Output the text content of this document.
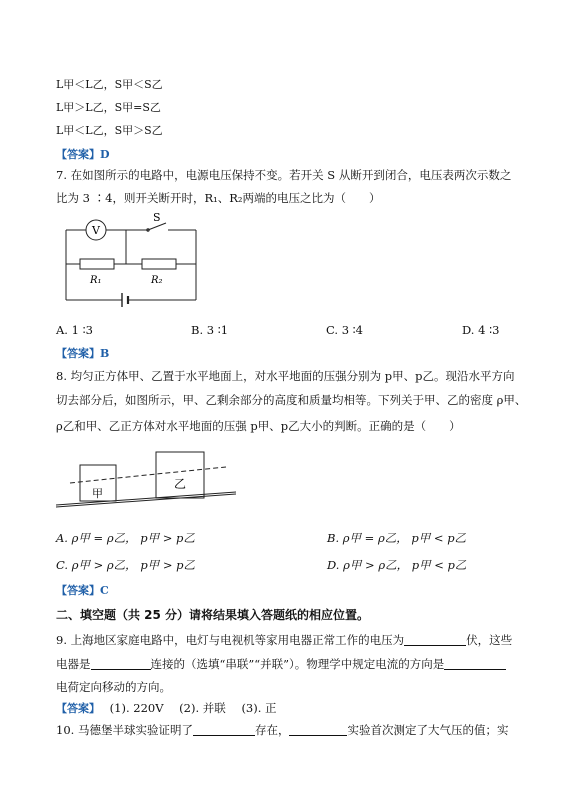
L甲＜L乙，S甲＜S乙
L甲＞L乙，S甲=S乙
L甲＜L乙，S甲＞S乙
【答案】D
7. 在如图所示的电路中，电源电压保持不变。若开关 S 从断开到闭合，电压表两次示数之
比为 3 ∶4，则开关断开时，R₁、R₂两端的电压之比为（　　）
V
S
R₁	R₂
A. 1 ∶3	B. 3 ∶1	C. 3 ∶4	D. 4 ∶3
【答案】B
8. 均匀正方体甲、乙置于水平地面上，对水平地面的压强分别为 p甲、p乙。现沿水平方向
切去部分后，如图所示，甲、乙剩余部分的高度和质量均相等。下列关于甲、乙的密度 ρ甲、
ρ乙和甲、乙正方体对水平地面的压强 p甲、p乙大小的判断。正确的是（　　）
甲
乙
A. ρ甲 = ρ乙， p甲 > p乙	B. ρ甲 = ρ乙， p甲 < p乙
C. ρ甲 > ρ乙， p甲 > p乙	D. ρ甲 > ρ乙， p甲 < p乙
【答案】C
二、填空题（共 25 分）请将结果填入答题纸的相应位置。
9. 上海地区家庭电路中，电灯与电视机等家用电器正常工作的电压为	伏，这些
电器是	连接的（选填“串联”“并联”）。物理学中规定电流的方向是
电荷定向移动的方向。
【答案】 (1). 220V (2). 并联 (3). 正
10. 马德堡半球实验证明了	存在，	实验首次测定了大气压的值；实
